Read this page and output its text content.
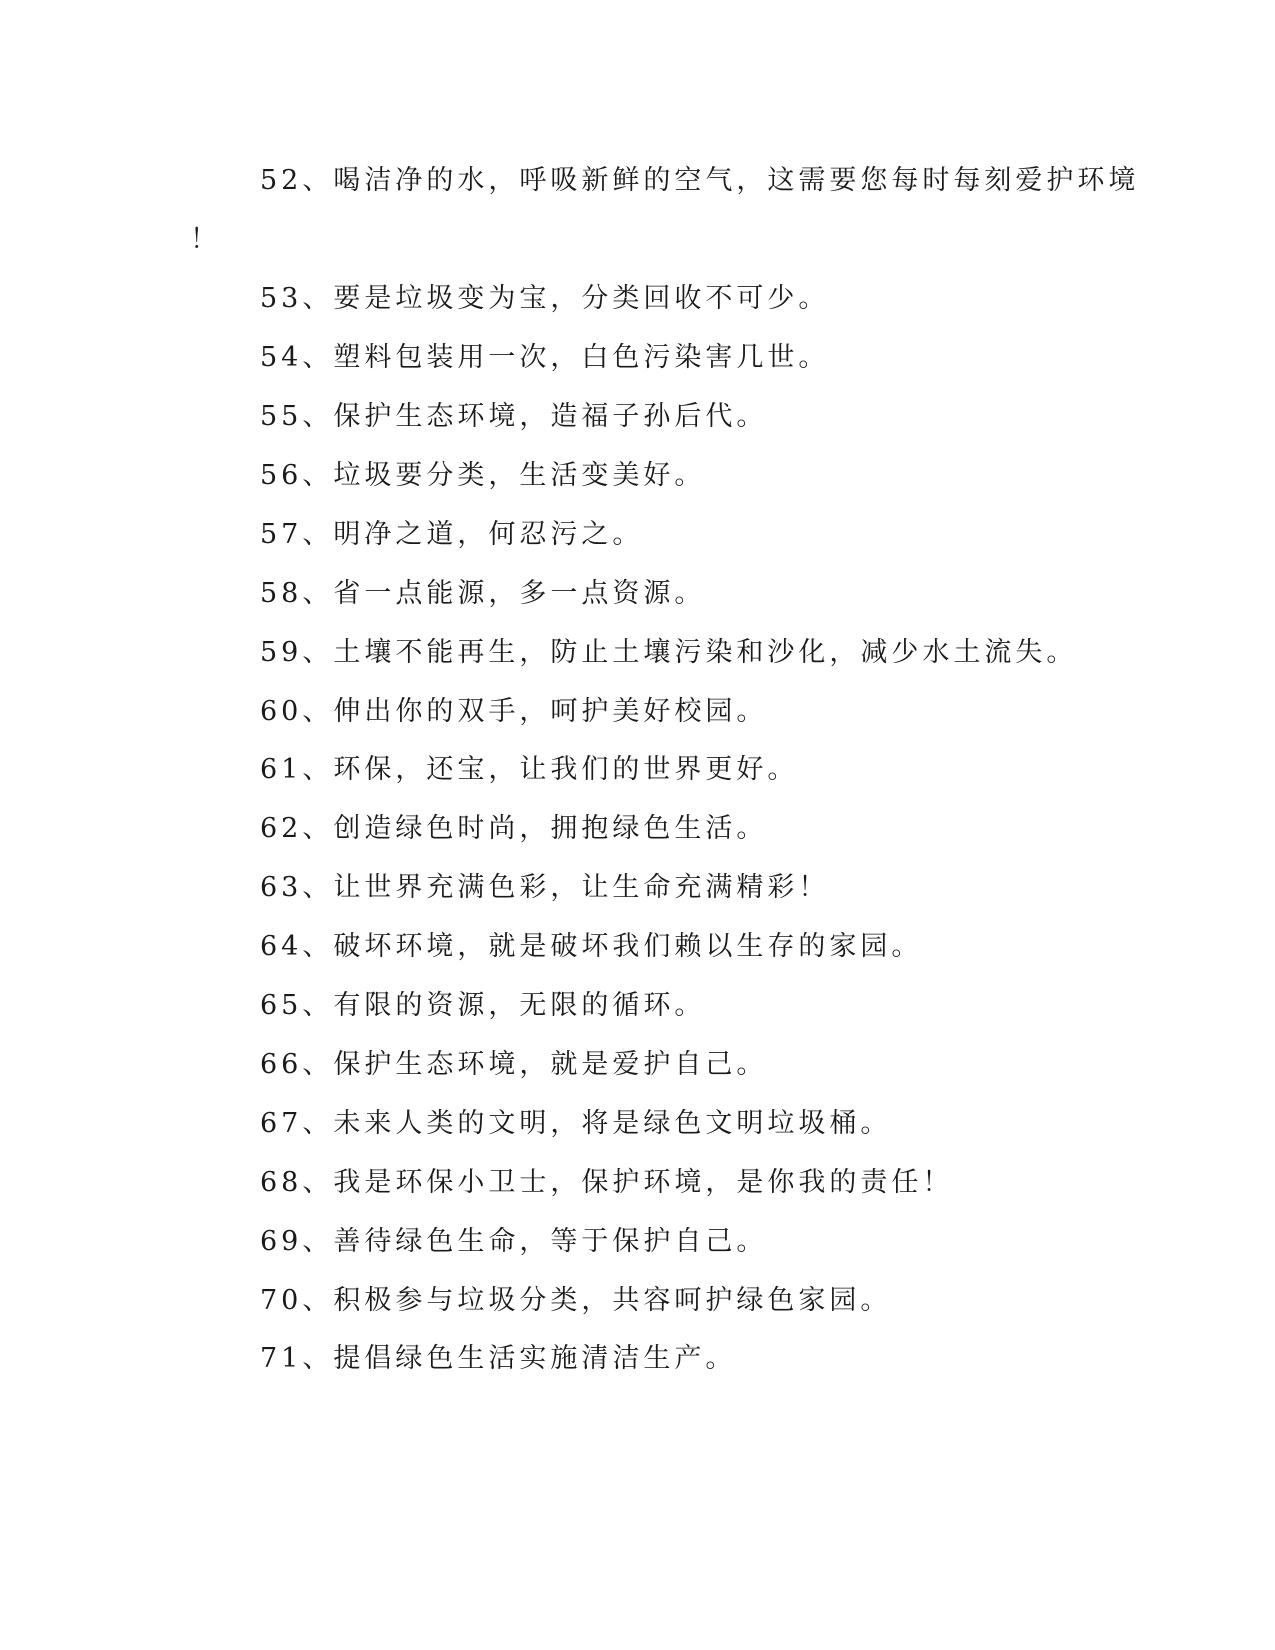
52、喝洁净的水，呼吸新鲜的空气，这需要您每时每刻爱护环境
！
53、要是垃圾变为宝，分类回收不可少。
54、塑料包装用一次，白色污染害几世。
55、保护生态环境，造福子孙后代。
56、垃圾要分类，生活变美好。
57、明净之道，何忍污之。
58、省一点能源，多一点资源。
59、土壤不能再生，防止土壤污染和沙化，减少水土流失。
60、伸出你的双手，呵护美好校园。
61、环保，还宝，让我们的世界更好。
62、创造绿色时尚，拥抱绿色生活。
63、让世界充满色彩，让生命充满精彩！
64、破坏环境，就是破坏我们赖以生存的家园。
65、有限的资源，无限的循环。
66、保护生态环境，就是爱护自己。
67、未来人类的文明，将是绿色文明垃圾桶。
68、我是环保小卫士，保护环境，是你我的责任！
69、善待绿色生命，等于保护自己。
70、积极参与垃圾分类，共容呵护绿色家园。
71、提倡绿色生活实施清洁生产。
